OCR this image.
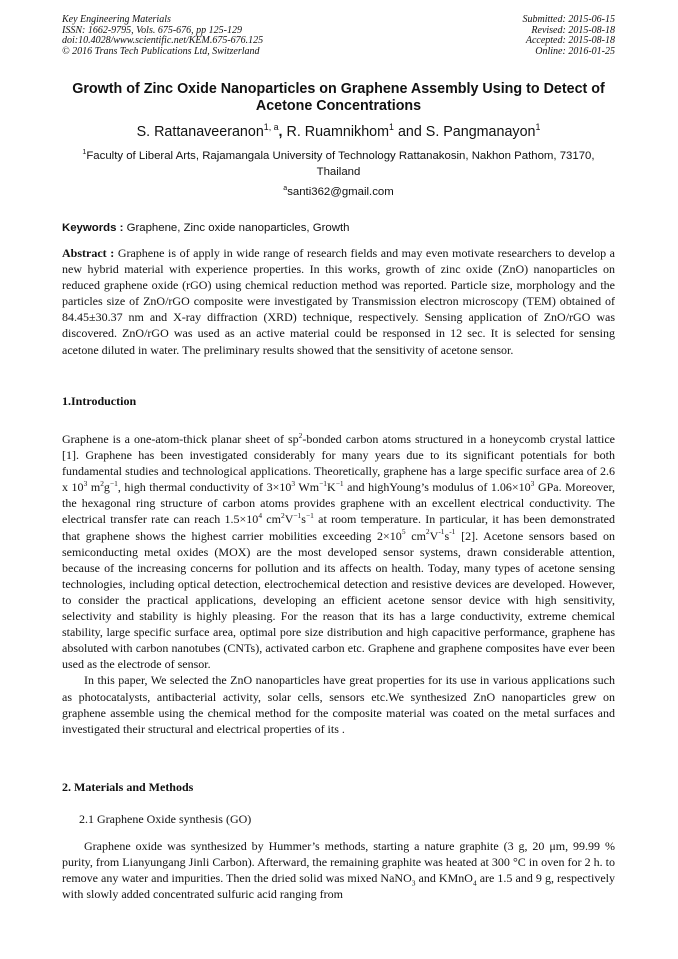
Key Engineering Materials
ISSN: 1662-9795, Vols. 675-676, pp 125-129
doi:10.4028/www.scientific.net/KEM.675-676.125
© 2016 Trans Tech Publications Ltd, Switzerland
Submitted: 2015-06-15
Revised: 2015-08-18
Accepted: 2015-08-18
Online: 2016-01-25
Growth of Zinc Oxide Nanoparticles on Graphene Assembly Using to Detect of Acetone Concentrations
S. Rattanaveeranon$^{1, a}$, R. Ruamnikhom$^1$ and S. Pangmanayon$^1$
$^1$Faculty of Liberal Arts, Rajamangala University of Technology Rattanakosin, Nakhon Pathom, 73170, Thailand
$^a$santi362@gmail.com
Keywords : Graphene, Zinc oxide nanoparticles, Growth

Abstract : Graphene is of apply in wide range of research fields and may even motivate researchers to develop a new hybrid material with experience properties. In this works, growth of zinc oxide (ZnO) nanoparticles on reduced graphene oxide (rGO) using chemical reduction method was reported. Particle size, morphology and the particles size of ZnO/rGO composite were investigated by Transmission electron microscopy (TEM) obtained of 84.45±30.37 nm and X-ray diffraction (XRD) technique, respectively. Sensing application of ZnO/rGO was discovered. ZnO/rGO was used as an active material could be responsed in 12 sec. It is selected for sensing acetone diluted in water. The preliminary results showed that the sensitivity of acetone sensor.

1.Introduction

Graphene is a one-atom-thick planar sheet of $sp^2$-bonded carbon atoms structured in a honeycomb crystal lattice [1]. Graphene has been investigated considerably for many years due to its significant potentials for both fundamental studies and technological applications. Theoretically, graphene has a large specific surface area of 2.6 x $10^3$ $m^2g^{-1}$, high thermal conductivity of $3\times 10^3$ $Wm^{-1}K^{-1}$ and highYoung’s modulus of $1.06\times 10^3$ GPa. Moreover, the hexagonal ring structure of carbon atoms provides graphene with an excellent electrical conductivity. The electrical transfer rate can reach $1.5\times 10^4$ $cm^2V^{-1}s^{-1}$ at room temperature. In particular, it has been demonstrated that graphene shows the highest carrier mobilities exceeding $2\times 10^5$ $cm^2V^{-1}s^{-1}$ [2]. Acetone sensors based on semiconducting metal oxides (MOX) are the most developed sensor systems, drawn considerable attention, because of the increasing concerns for pollution and its affects on health. Today, many types of acetone sensing technologies, including optical detection, electrochemical detection and resistive devices are developed. However, to consider the practical applications, developing an efficient acetone sensor device with high sensitivity, selectivity and stability is highly pleasing. For the reason that its has a large conductivity, extreme chemical stability, large specific surface area, optimal pore size distribution and high capacitive performance, graphene has absoluted with carbon nanotubes (CNTs), activated carbon etc. Graphene and graphene composites have ever been used as the electrode of sensor.

In this paper, We selected the ZnO nanoparticles have great properties for its use in various applications such as photocatalysts, antibacterial activity, solar cells, sensors etc.We synthesized ZnO nanoparticles grew on graphene assemble using the chemical method for the composite material was coated on the metal surfaces and investigated their structural and electrical properties of its .

2. Materials and Methods
2.1 Graphene Oxide synthesis (GO)

Graphene oxide was synthesized by Hummer’s methods, starting a nature graphite (3 g, 20 μm, 99.99 % purity, from Lianyungang Jinli Carbon). Afterward, the remaining graphite was heated at 300 °C in oven for 2 h. to remove any water and impurities. Then the dried solid was mixed NaNO$_3$ and KMnO$_4$ are 1.5 and 9 g, respectively with slowly added concentrated sulfuric acid ranging from
